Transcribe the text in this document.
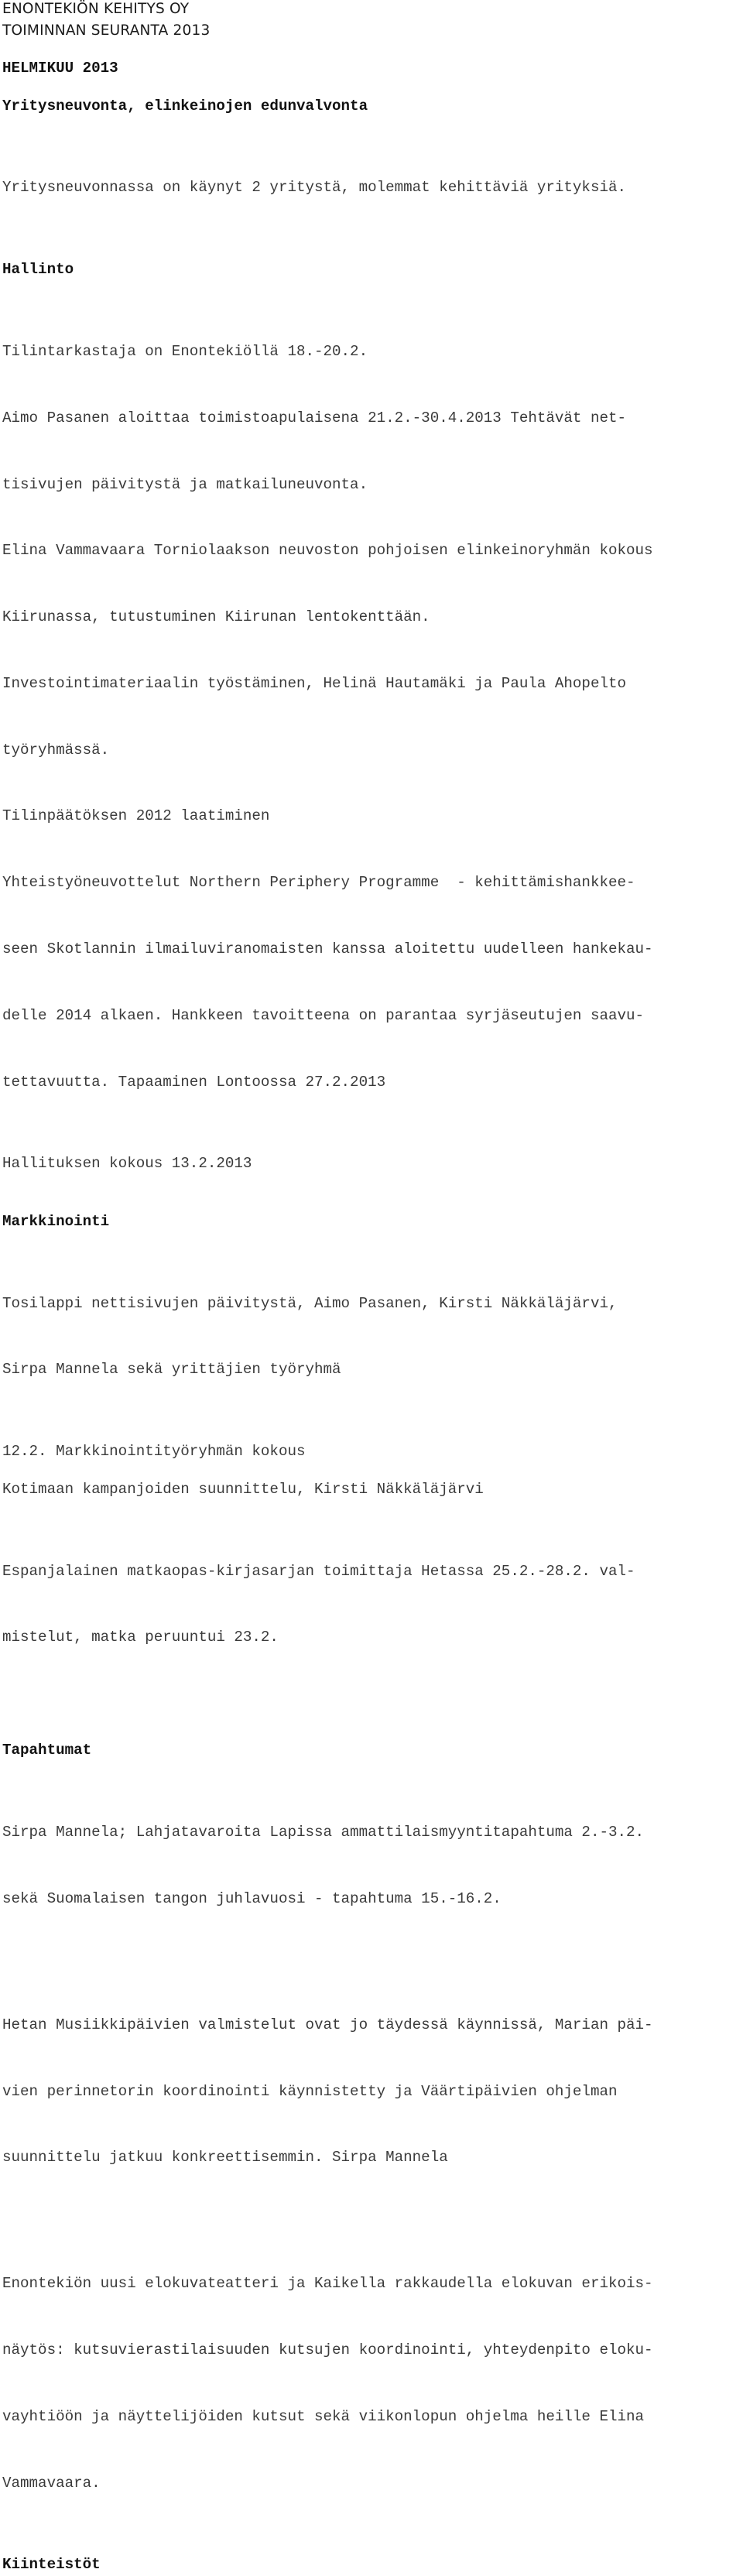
ENONTEKIÖN KEHITYS OY
TOIMINNAN SEURANTA 2013
HELMIKUU 2013
Yritysneuvonta, elinkeinojen edunvalvonta

Yritysneuvonnassa on käynyt 2 yritystä, molemmat kehittäviä yrityksiä.

Hallinto

Tilintarkastaja on Enontekiöllä 18.-20.2.

Aimo Pasanen aloittaa toimistoapulaisena 21.2.-30.4.2013 Tehtävät net-

tisivujen päivitystä ja matkailuneuvonta.

Elina Vammavaara Torniolaakson neuvoston pohjoisen elinkeinoryhmän kokous

Kiirunassa, tutustuminen Kiirunan lentokenttään.

Investointimateriaalin työstäminen, Helinä Hautamäki ja Paula Ahopelto

työryhmässä.

Tilinpäätöksen 2012 laatiminen

Yhteistyöneuvottelut Northern Periphery Programme  - kehittämishankkee-

seen Skotlannin ilmailuviranomaisten kanssa aloitettu uudelleen hankekau-

delle 2014 alkaen. Hankkeen tavoitteena on parantaa syrjäseutujen saavu-

tettavuutta. Tapaaminen Lontoossa 27.2.2013

Hallituksen kokous 13.2.2013
Markkinointi

Tosilappi nettisivujen päivitystä, Aimo Pasanen, Kirsti Näkkäläjärvi,

Sirpa Mannela sekä yrittäjien työryhmä

12.2. Markkinointityöryhmän kokous
Kotimaan kampanjoiden suunnittelu, Kirsti Näkkäläjärvi

Espanjalainen matkaopas-kirjasarjan toimittaja Hetassa 25.2.-28.2. val-

mistelut, matka peruuntui 23.2.

Tapahtumat

Sirpa Mannela; Lahjatavaroita Lapissa ammattilaismyyntitapahtuma 2.-3.2.

sekä Suomalaisen tangon juhlavuosi - tapahtuma 15.-16.2.

Hetan Musiikkipäivien valmistelut ovat jo täydessä käynnissä, Marian päi-

vien perinnetorin koordinointi käynnistetty ja Väärtipäivien ohjelman

suunnittelu jatkuu konkreettisemmin. Sirpa Mannela

Enontekiön uusi elokuvateatteri ja Kaikella rakkaudella elokuvan erikois-

näytös: kutsuvierastilaisuuden kutsujen koordinointi, yhteydenpito eloku-

vayhtiöön ja näyttelijöiden kutsut sekä viikonlopun ohjelma heille Elina

Vammavaara.

Kiinteistöt
